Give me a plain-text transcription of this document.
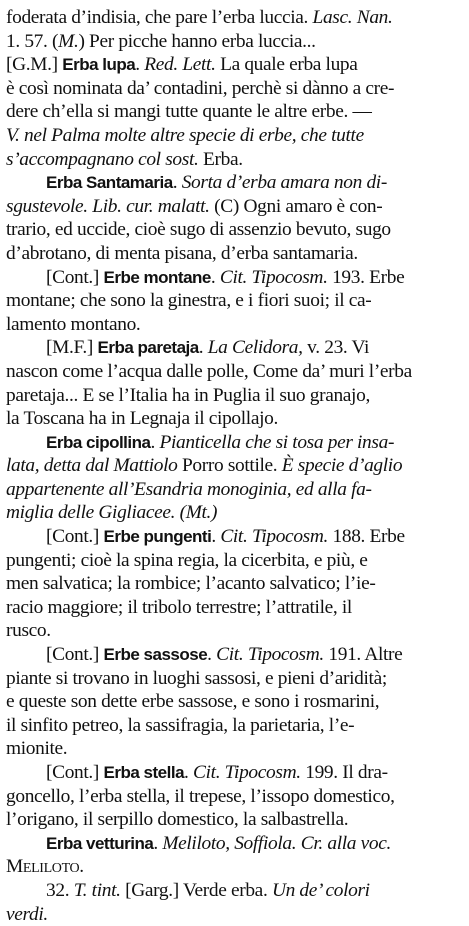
foderata d’indisia, che pare l’erba luccia. Lasc. Nan.
1. 57. (M.) Per picche hanno erba luccia...
[G.M.] Erba lupa. Red. Lett. La quale erba lupa
è così nominata da’ contadini, perchè si dànno a cre-
dere ch’ella si mangi tutte quante le altre erbe. —
V. nel Palma molte altre specie di erbe, che tutte
s’accompagnano col sost. Erba.
Erba Santamaria. Sorta d’erba amara non di-
sgustevole. Lib. cur. malatt. (C) Ogni amaro è con-
trario, ed uccide, cioè sugo di assenzio bevuto, sugo
d’abrotano, di menta pisana, d’erba santamaria.
[Cont.] Erbe montane. Cit. Tipocosm. 193. Erbe
montane; che sono la ginestra, e i fiori suoi; il ca-
lamento montano.
[M.F.] Erba paretaja. La Celidora, v. 23. Vi
nascon come l’acqua dalle polle, Come da’ muri l’erba
paretaja... E se l’Italia ha in Puglia il suo granajo,
la Toscana ha in Legnaja il cipollajo.
Erba cipollina. Pianticella che si tosa per insa-
lata, detta dal Mattiolo Porro sottile. È specie d’aglio
appartenente all’Esandria monoginia, ed alla fa-
miglia delle Gigliacee. (Mt.)
[Cont.] Erbe pungenti. Cit. Tipocosm. 188. Erbe
pungenti; cioè la spina regia, la cicerbita, e più, e
men salvatica; la rombice; l’acanto salvatico; l’ie-
racio maggiore; il tribolo terrestre; l’attratile, il
rusco.
[Cont.] Erbe sassose. Cit. Tipocosm. 191. Altre
piante si trovano in luoghi sassosi, e pieni d’aridità;
e queste son dette erbe sassose, e sono i rosmarini,
il sinfito petreo, la sassifragia, la parietaria, l’e-
mionite.
[Cont.] Erba stella. Cit. Tipocosm. 199. Il dra-
goncello, l’erba stella, il trepese, l’issopo domestico,
l’origano, il serpillo domestico, la salbastrella.
Erba vetturina. Meliloto, Soffiola. Cr. alla voc.
Meliloto.
32. T. tint. [Garg.] Verde erba. Un de’ colori
verdi.
